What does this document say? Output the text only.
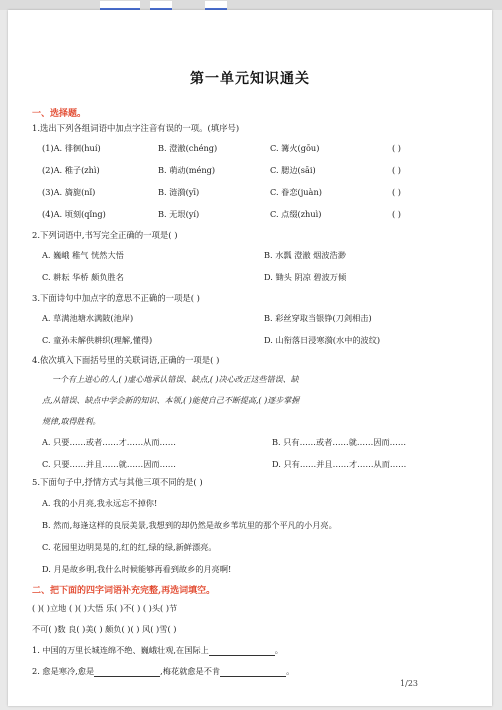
第一单元知识通关
一、选择题。
1.选出下列各组词语中加点字注音有误的一项。(填序号)
(1)A. 徘徊(huí)	B. 澄澈(chéng)	C. 篝火(gōu)	( )
(2)A. 稚子(zhì)	B. 萌动(méng)	C. 腮边(sāi)	( )
(3)A. 旖旎(nǐ)	B. 涟漪(yī)	C. 眷恋(juàn)	( )
(4)A. 顷刻(qǐng)	B. 无垠(yí)	C. 点缀(zhuì)	( )
2.下列词语中,书写完全正确的一项是( )
A. 巍峨 稚气 恍然大悟	B. 水瓢 澄澈 烟波浩渺
C. 耕耘 华桥 颇负胜名	D. 锄头 阴凉 碧波万倾
3.下面诗句中加点字的意思不正确的一项是( )
A. 草满池塘水满陂(池岸)	B. 彩丝穿取当银铮(刀剑相击)
C. 童孙未解供耕织(理解,懂得)	D. 山衔落日浸寒漪(水中的波纹)
4.依次填入下面括号里的关联词语,正确的一项是( )
一个有上进心的人,( )虚心地承认错误、缺点,( )决心改正这些错误、缺
点,从错误、缺点中学会新的知识、本领,( )能使自己不断提高,( )逐步掌握
规律,取得胜利。
A. 只要……或者……才……从而……	B. 只有……或者……就……因而……
C. 只要……并且……就……因而……	D. 只有……并且……才……从而……
5.下面句子中,抒情方式与其他三项不同的是( )
A. 我的小月亮,我永远忘不掉你!
B. 然而,每逢这样的良辰美景,我想到的却仍然是故乡苇坑里的那个平凡的小月亮。
C. 花园里边明晃晃的,红的红,绿的绿,新鲜漂亮。
D. 月是故乡明,我什么时候能够再看到故乡的月亮啊!
二、把下面的四字词语补充完整,再选词填空。
( )( )立地 ( )( )大悟 乐( )不( ) ( )头( )节
不可( )数 良( )美( ) 颇负( )( ) 风( )雪( )
1. 中国的万里长城连绵不绝、巍峨壮观,在国际上	。
2. 愈是寒冷,愈是	,梅花就愈是不肯	。
1/23
